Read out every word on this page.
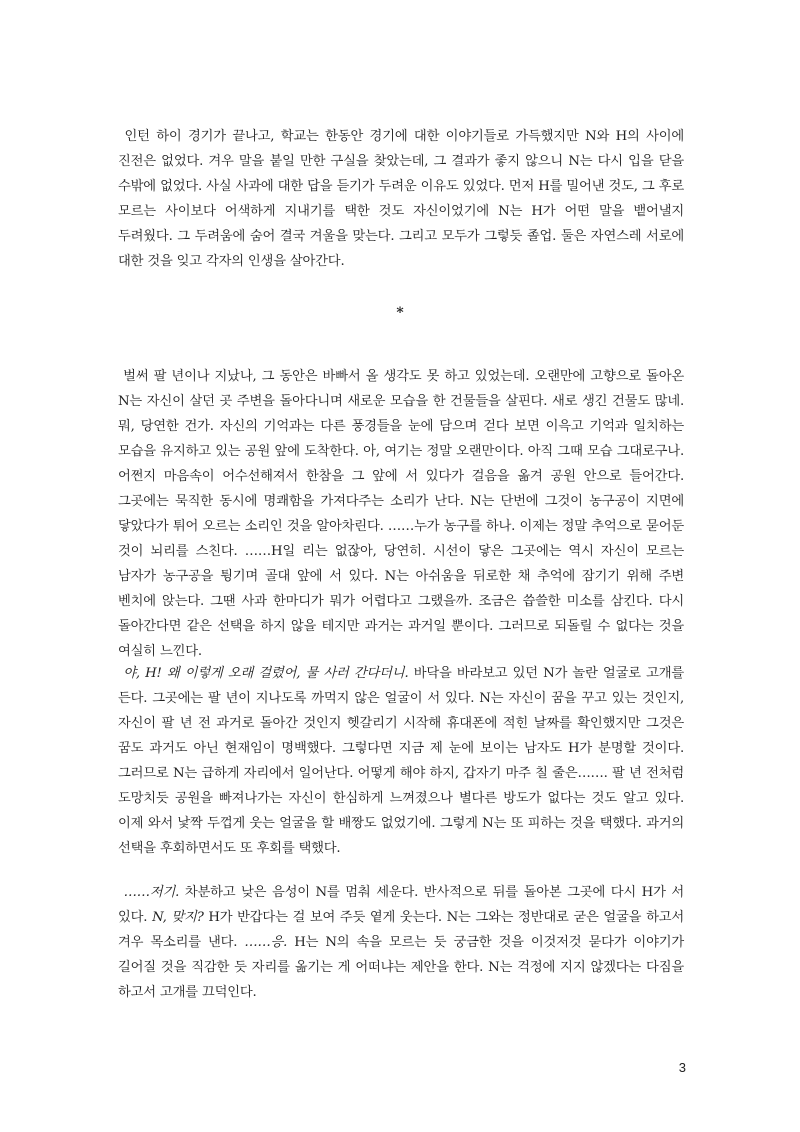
인턴 하이 경기가 끝나고, 학교는 한동안 경기에 대한 이야기들로 가득했지만 N와 H의 사이에 진전은 없었다. 겨우 말을 붙일 만한 구실을 찾았는데, 그 결과가 좋지 않으니 N는 다시 입을 닫을 수밖에 없었다. 사실 사과에 대한 답을 듣기가 두려운 이유도 있었다. 먼저 H를 밀어낸 것도, 그 후로 모르는 사이보다 어색하게 지내기를 택한 것도 자신이었기에 N는 H가 어떤 말을 뱉어낼지 두려웠다. 그 두려움에 숨어 결국 겨울을 맞는다. 그리고 모두가 그렇듯 졸업. 둘은 자연스레 서로에 대한 것을 잊고 각자의 인생을 살아간다.

*

벌써 팔 년이나 지났나, 그 동안은 바빠서 올 생각도 못 하고 있었는데. 오랜만에 고향으로 돌아온 N는 자신이 살던 곳 주변을 돌아다니며 새로운 모습을 한 건물들을 살핀다. 새로 생긴 건물도 많네. 뭐, 당연한 건가. 자신의 기억과는 다른 풍경들을 눈에 담으며 걷다 보면 이윽고 기억과 일치하는 모습을 유지하고 있는 공원 앞에 도착한다. 아, 여기는 정말 오랜만이다. 아직 그때 모습 그대로구나. 어쩐지 마음속이 어수선해져서 한참을 그 앞에 서 있다가 걸음을 옮겨 공원 안으로 들어간다. 그곳에는 묵직한 동시에 명쾌함을 가져다주는 소리가 난다. N는 단번에 그것이 농구공이 지면에 닿았다가 튀어 오르는 소리인 것을 알아차린다. ……누가 농구를 하나. 이제는 정말 추억으로 묻어둔 것이 뇌리를 스친다. ……H일 리는 없잖아, 당연히. 시선이 닿은 그곳에는 역시 자신이 모르는 남자가 농구공을 튕기며 골대 앞에 서 있다. N는 아쉬움을 뒤로한 채 추억에 잠기기 위해 주변 벤치에 앉는다. 그땐 사과 한마디가 뭐가 어렵다고 그랬을까. 조금은 씁쓸한 미소를 삼킨다. 다시 돌아간다면 같은 선택을 하지 않을 테지만 과거는 과거일 뿐이다. 그러므로 되돌릴 수 없다는 것을 여실히 느낀다.

야, H! 왜 이렇게 오래 걸렸어, 물 사러 간다더니. 바닥을 바라보고 있던 N가 놀란 얼굴로 고개를 든다. 그곳에는 팔 년이 지나도록 까먹지 않은 얼굴이 서 있다. N는 자신이 꿈을 꾸고 있는 것인지, 자신이 팔 년 전 과거로 돌아간 것인지 헷갈리기 시작해 휴대폰에 적힌 날짜를 확인했지만 그것은 꿈도 과거도 아닌 현재임이 명백했다. 그렇다면 지금 제 눈에 보이는 남자도 H가 분명할 것이다. 그러므로 N는 급하게 자리에서 일어난다. 어떻게 해야 하지, 갑자기 마주 칠 줄은……. 팔 년 전처럼 도망치듯 공원을 빠져나가는 자신이 한심하게 느껴졌으나 별다른 방도가 없다는 것도 알고 있다. 이제 와서 낯짝 두껍게 웃는 얼굴을 할 배짱도 없었기에. 그렇게 N는 또 피하는 것을 택했다. 과거의 선택을 후회하면서도 또 후회를 택했다.

……저기. 차분하고 낮은 음성이 N를 멈춰 세운다. 반사적으로 뒤를 돌아본 그곳에 다시 H가 서 있다. N, 맞지? H가 반갑다는 걸 보여 주듯 옅게 웃는다. N는 그와는 정반대로 굳은 얼굴을 하고서 겨우 목소리를 낸다. ……응. H는 N의 속을 모르는 듯 궁금한 것을 이것저것 묻다가 이야기가 길어질 것을 직감한 듯 자리를 옮기는 게 어떠냐는 제안을 한다. N는 걱정에 지지 않겠다는 다짐을 하고서 고개를 끄덕인다.

3
